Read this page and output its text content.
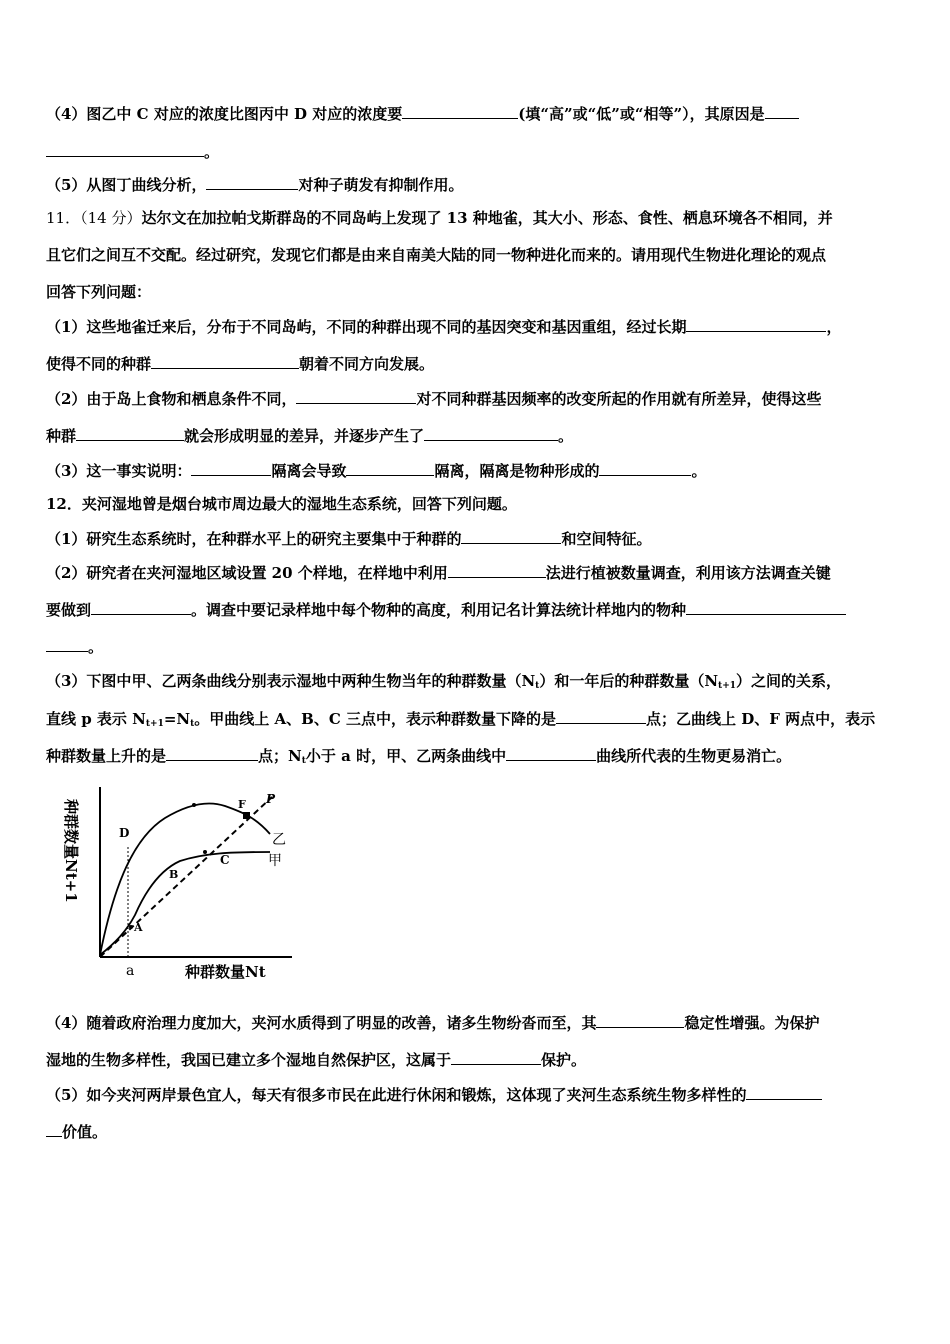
（4）图乙中 C 对应的浓度比图丙中 D 对应的浓度要	(填“高”或“低”或“相等”），其原因是
。
（5）从图丁曲线分析，	对种子萌发有抑制作用。
11．（14 分）达尔文在加拉帕戈斯群岛的不同岛屿上发现了 13 种地雀，其大小、形态、食性、栖息环境各不相同，并
且它们之间互不交配。经过研究，发现它们都是由来自南美大陆的同一物种进化而来的。请用现代生物进化理论的观点
回答下列问题：
（1）这些地雀迁来后，分布于不同岛屿，不同的种群出现不同的基因突变和基因重组，经过长期	，
使得不同的种群	朝着不同方向发展。
（2）由于岛上食物和栖息条件不同，	对不同种群基因频率的改变所起的作用就有所差异，使得这些
种群	就会形成明显的差异，并逐步产生了	。
（3）这一事实说明：	隔离会导致	隔离，隔离是物种形成的	。
12．夹河湿地曾是烟台城市周边最大的湿地生态系统，回答下列问题。
（1）研究生态系统时，在种群水平上的研究主要集中于种群的	和空间特征。
（2）研究者在夹河湿地区域设置 20 个样地，在样地中利用	法进行植被数量调查，利用该方法调查关键
要做到	。调查中要记录样地中每个物种的高度，利用记名计算法统计样地内的物种
。
（3）下图中甲、乙两条曲线分别表示湿地中两种生物当年的种群数量$(N_t)$和一年后的种群数量$(N_{t+1})$之间的关系，
直线 p 表示 $N_{t+1}=N_t$。甲曲线上 A、B、C 三点中，表示种群数量下降的是	点；乙曲线上 D、F 两点中，表示
种群数量上升的是	点；$N_t$小于 a 时，甲、乙两条曲线中	曲线所代表的生物更易消亡。
种群数量Nt+1
种群数量Nt
a
P
A
B
C
D
F
乙
甲
（4）随着政府治理力度加大，夹河水质得到了明显的改善，诸多生物纷沓而至，其	稳定性增强。为保护
湿地的生物多样性，我国已建立多个湿地自然保护区，这属于	保护。
（5）如今夹河两岸景色宜人，每天有很多市民在此进行休闲和锻炼，这体现了夹河生态系统生物多样性的
价值。
